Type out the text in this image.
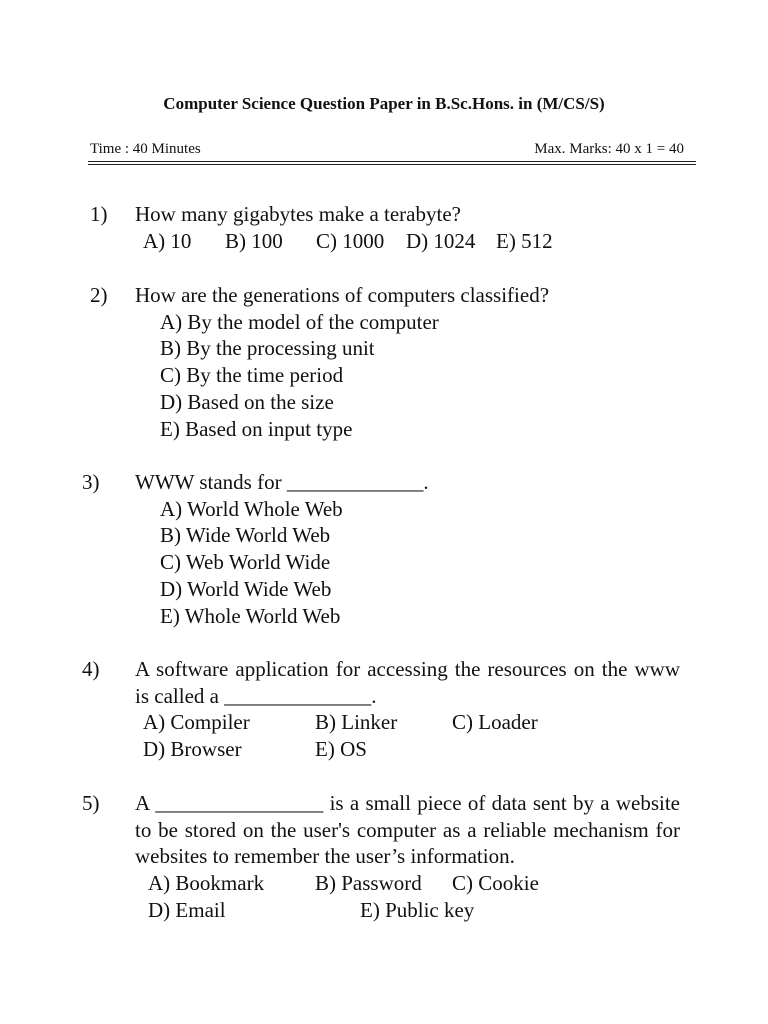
Computer Science Question Paper in B.Sc.Hons. in (M/CS/S)
Time : 40 Minutes	Max. Marks: 40 x 1 = 40
1) How many gigabytes make a terabyte?
A) 10 B) 100 C) 1000 D) 1024 E) 512
2) How are the generations of computers classified?
A) By the model of the computer
B) By the processing unit
C) By the time period
D) Based on the size
E) Based on input type
3) WWW stands for _____________.
A) World Whole Web
B) Wide World Web
C) Web World Wide
D) World Wide Web
E) Whole World Web
4) A software application for accessing the resources on the www is called a ______________.
A) Compiler	B) Linker	C) Loader
D) Browser	E) OS
5) A ________________ is a small piece of data sent by a website to be stored on the user's computer as a reliable mechanism for websites to remember the user’s information.
A) Bookmark B) Password C) Cookie
D) Email	E) Public key
